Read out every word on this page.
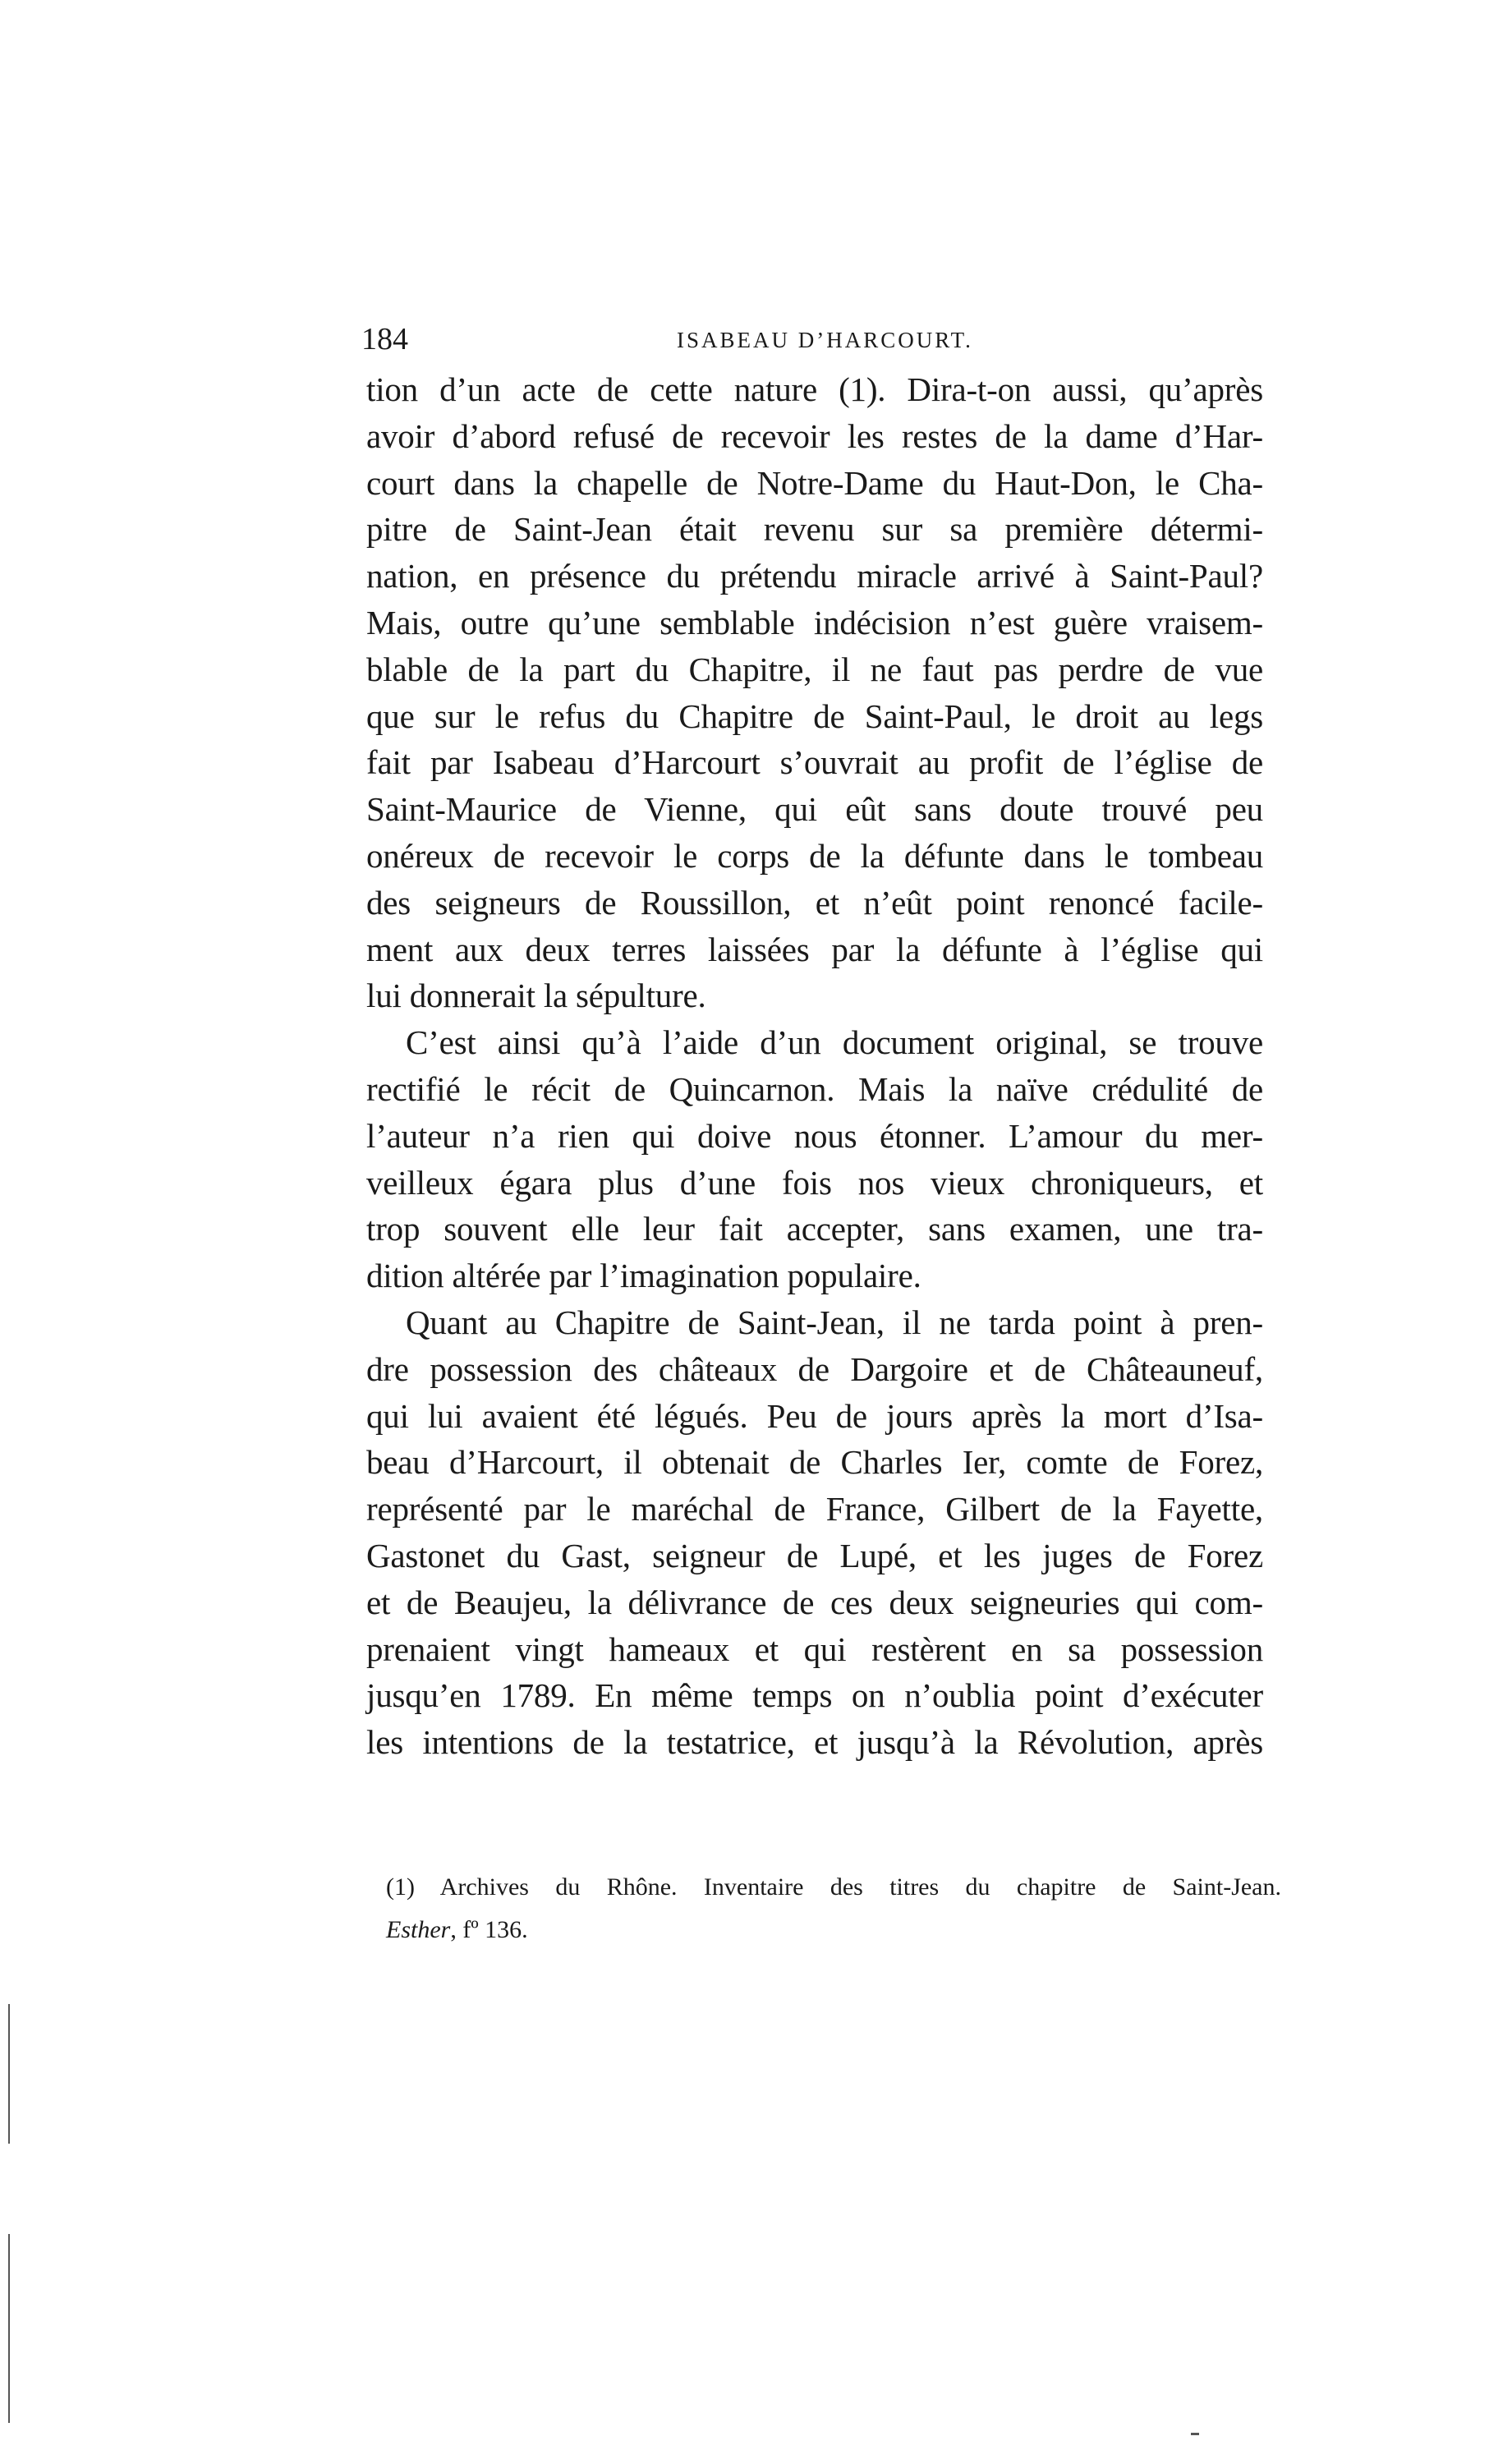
184	ISABEAU D’HARCOURT.
tion d’un acte de cette nature (1). Dira-t-on aussi, qu’après
avoir d’abord refusé de recevoir les restes de la dame d’Har-
court dans la chapelle de Notre-Dame du Haut-Don, le Cha-
pitre de Saint-Jean était revenu sur sa première détermi-
nation, en présence du prétendu miracle arrivé à Saint-Paul?
Mais, outre qu’une semblable indécision n’est guère vraisem-
blable de la part du Chapitre, il ne faut pas perdre de vue
que sur le refus du Chapitre de Saint-Paul, le droit au legs
fait par Isabeau d’Harcourt s’ouvrait au profit de l’église de
Saint-Maurice de Vienne, qui eût sans doute trouvé peu
onéreux de recevoir le corps de la défunte dans le tombeau
des seigneurs de Roussillon, et n’eût point renoncé facile-
ment aux deux terres laissées par la défunte à l’église qui
lui donnerait la sépulture.
C’est ainsi qu’à l’aide d’un document original, se trouve
rectifié le récit de Quincarnon. Mais la naïve crédulité de
l’auteur n’a rien qui doive nous étonner. L’amour du mer-
veilleux égara plus d’une fois nos vieux chroniqueurs, et
trop souvent elle leur fait accepter, sans examen, une tra-
dition altérée par l’imagination populaire.
Quant au Chapitre de Saint-Jean, il ne tarda point à pren-
dre possession des châteaux de Dargoire et de Châteauneuf,
qui lui avaient été légués. Peu de jours après la mort d’Isa-
beau d’Harcourt, il obtenait de Charles Ier, comte de Forez,
représenté par le maréchal de France, Gilbert de la Fayette,
Gastonet du Gast, seigneur de Lupé, et les juges de Forez
et de Beaujeu, la délivrance de ces deux seigneuries qui com-
prenaient vingt hameaux et qui restèrent en sa possession
jusqu’en 1789. En même temps on n’oublia point d’exécuter
les intentions de la testatrice, et jusqu’à la Révolution, après
(1) Archives du Rhône. Inventaire des titres du chapitre de Saint-Jean.
Esther, fº 136.
